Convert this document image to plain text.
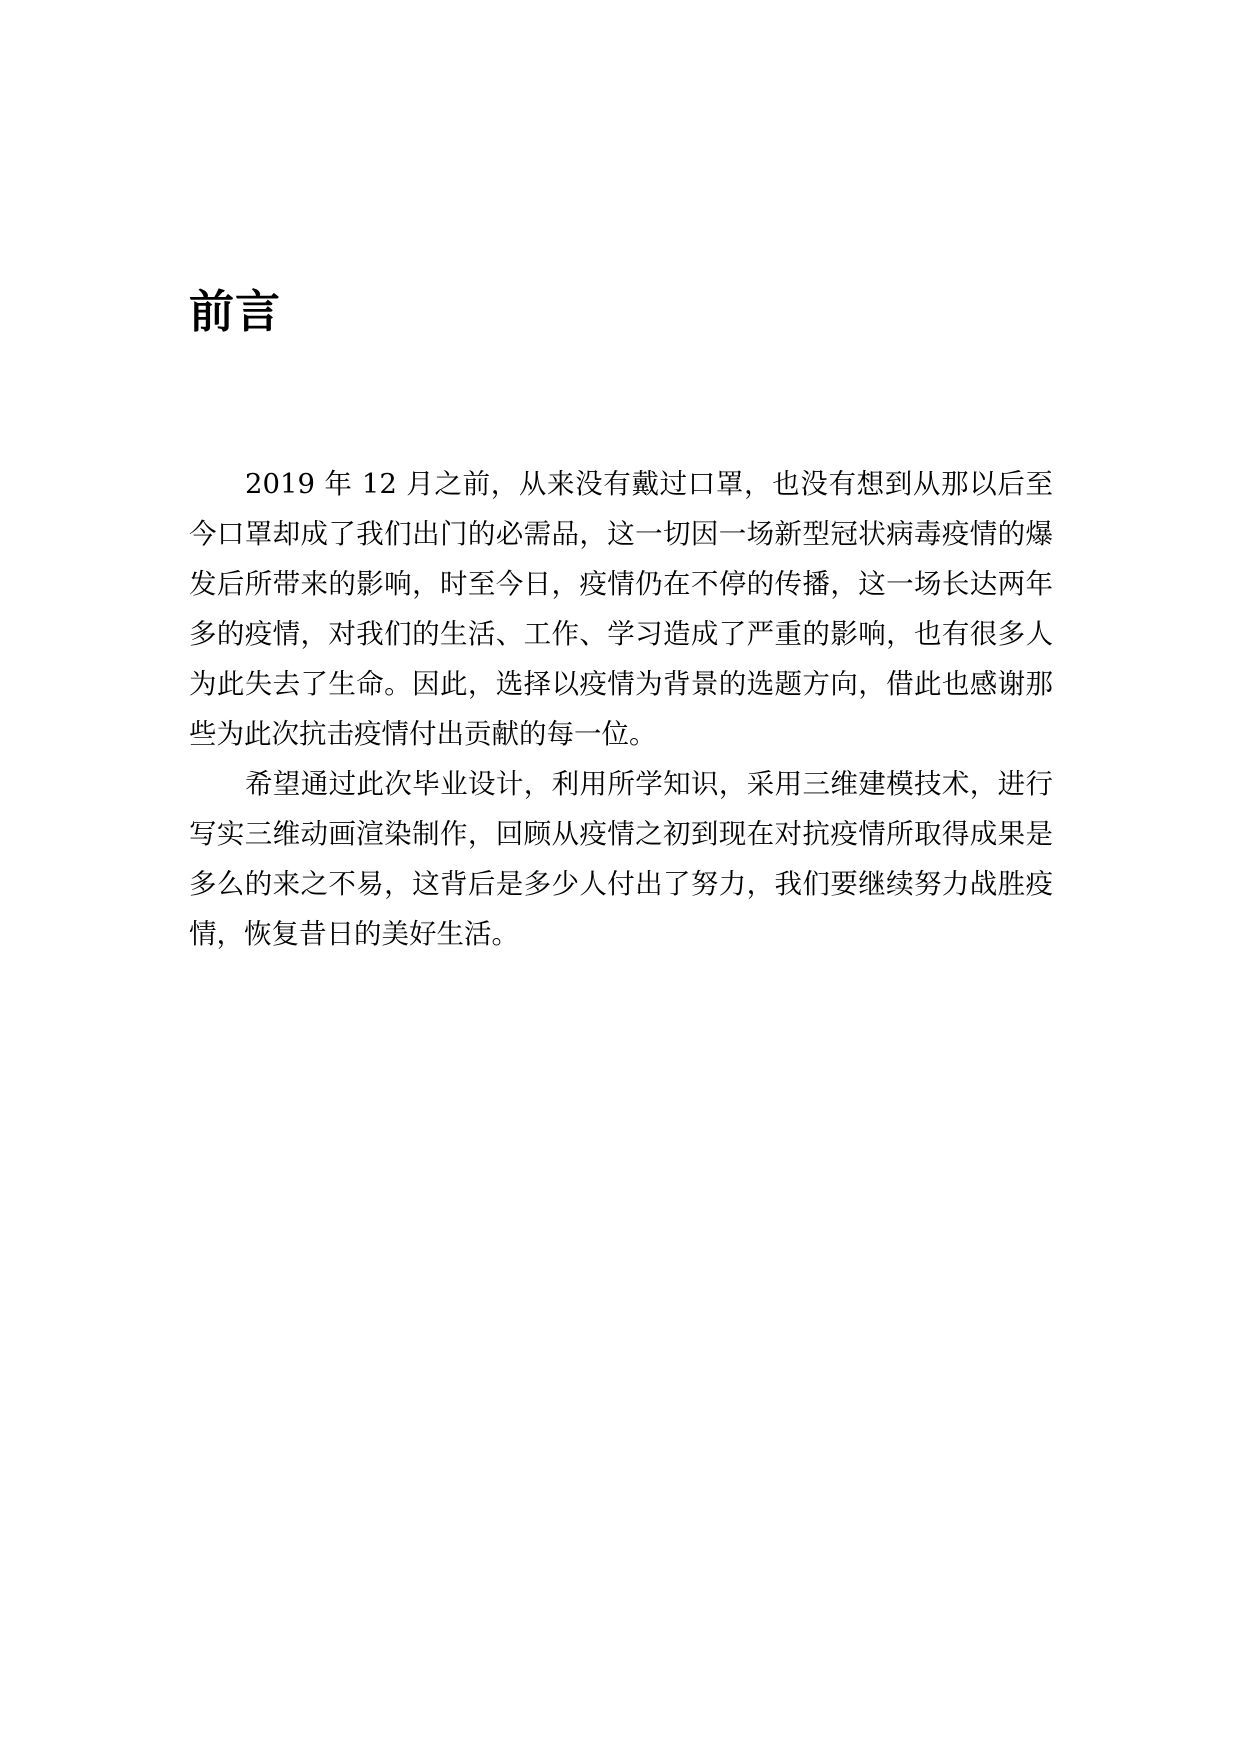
前言

2019 年 12 月之前，从来没有戴过口罩，也没有想到从那以后至今口罩却成了我们出门的必需品，这一切因一场新型冠状病毒疫情的爆发后所带来的影响，时至今日，疫情仍在不停的传播，这一场长达两年多的疫情，对我们的生活、工作、学习造成了严重的影响，也有很多人为此失去了生命。因此，选择以疫情为背景的选题方向，借此也感谢那些为此次抗击疫情付出贡献的每一位。

希望通过此次毕业设计，利用所学知识，采用三维建模技术，进行写实三维动画渲染制作，回顾从疫情之初到现在对抗疫情所取得成果是多么的来之不易，这背后是多少人付出了努力，我们要继续努力战胜疫情，恢复昔日的美好生活。
